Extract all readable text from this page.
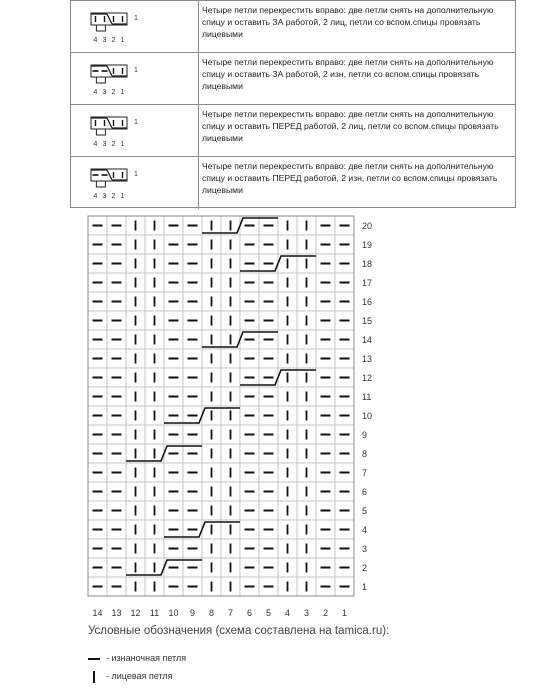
1
4 3 2 1
Четыре петли перекрестить вправо: две петли снять на дополнительную спицу и оставить ЗА работой, 2 лиц, петли со вспом.спицы провязать лицевыми
1
4 3 2 1
Четыре петли перекрестить вправо: две петли снять на дополнительную спицу и оставить ЗА работой, 2 изн, петли со вспом.спицы провязать лицевыми
1
4 3 2 1
Четыре петли перекрестить вправо: две петли снять на дополнительную спицу и оставить ПЕРЕД работой, 2 лиц, петли со вспом.спицы провязать лицевыми
1
4 3 2 1
Четыре петли перекрестить вправо: две петли снять на дополнительную спицу и оставить ПЕРЕД работой, 2 изн, петли со вспом.спицы провязать лицевыми
20
19
18
17
16
15
14
13
12
11
10
9
8
7
6
5
4
3
2
1
14 13 12 11 10 9 8 7 6 5 4 3 2 1
Условные обозначения (схема составлена на tamica.ru):
- изнаночная петля
- лицевая петля
